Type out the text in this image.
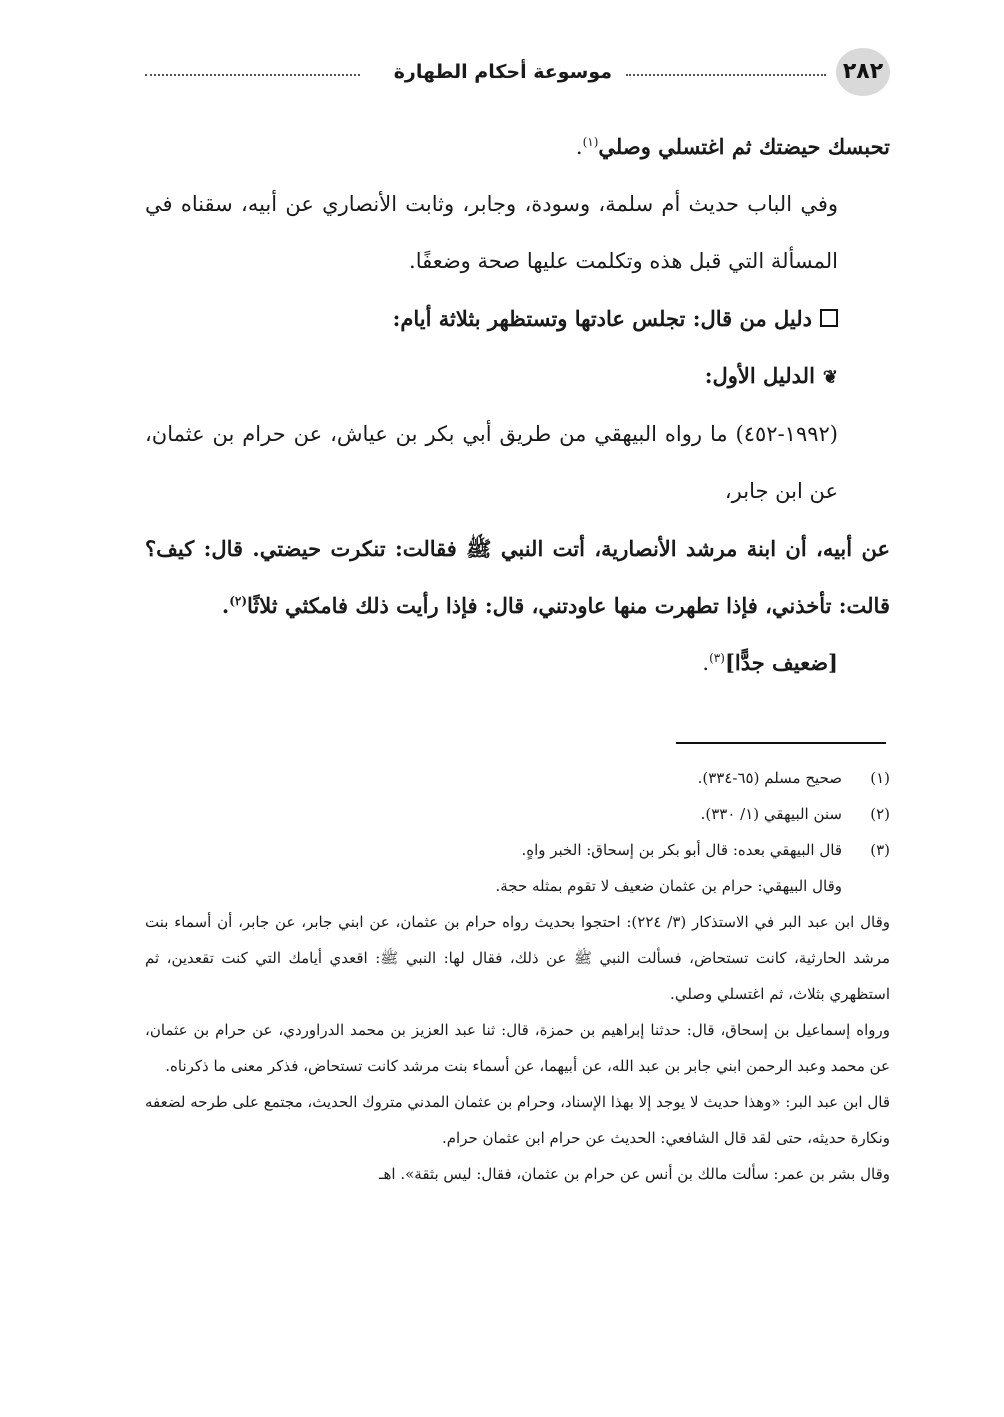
٢٨٢
موسوعة أحكام الطهارة

تحبسك حيضتك ثم اغتسلي وصلي$^{(١)}$.

وفي الباب حديث أم سلمة، وسودة، وجابر، وثابت الأنصاري عن أبيه، سقناه في المسألة التي قبل هذه وتكلمت عليها صحة وضعفًا.

دليل من قال: تجلس عادتها وتستظهر بثلاثة أيام:

❦الدليل الأول:

(١٩٩٢-٤٥٢) ما رواه البيهقي من طريق أبي بكر بن عياش، عن حرام بن عثمان، عن ابن جابر،

عن أبيه، أن ابنة مرشد الأنصارية، أتت النبي ﷺ فقالت: تنكرت حيضتي. قال: كيف؟ قالت: تأخذني، فإذا تطهرت منها عاودتني، قال: فإذا رأيت ذلك فامكثي ثلاثًا$^{(٢)}$.

[ضعيف جدًّا]$^{(٣)}$.

(١)صحيح مسلم (٦٥-٣٣٤).

(٢)سنن البيهقي (١/ ٣٣٠).

(٣)قال البيهقي بعده: قال أبو بكر بن إسحاق: الخبر واهٍ.

وقال البيهقي: حرام بن عثمان ضعيف لا تقوم بمثله حجة.

وقال ابن عبد البر في الاستذكار (٣/ ٢٢٤): احتجوا بحديث رواه حرام بن عثمان، عن ابني جابر، عن جابر، أن أسماء بنت مرشد الحارثية، كانت تستحاض، فسألت النبي ﷺ عن ذلك، فقال لها: النبي ﷺ: اقعدي أيامك التي كنت تقعدين، ثم استظهري بثلاث، ثم اغتسلي وصلي.

ورواه إسماعيل بن إسحاق، قال: حدثنا إبراهيم بن حمزة، قال: ثنا عبد العزيز بن محمد الدراوردي، عن حرام بن عثمان، عن محمد وعبد الرحمن ابني جابر بن عبد الله، عن أبيهما، عن أسماء بنت مرشد كانت تستحاض، فذكر معنى ما ذكرناه.

قال ابن عبد البر: «وهذا حديث لا يوجد إلا بهذا الإسناد، وحرام بن عثمان المدني متروك الحديث، مجتمع على طرحه لضعفه ونكارة حديثه، حتى لقد قال الشافعي: الحديث عن حرام ابن عثمان حرام.

وقال بشر بن عمر: سألت مالك بن أنس عن حرام بن عثمان، فقال: ليس بثقة». اهـ
